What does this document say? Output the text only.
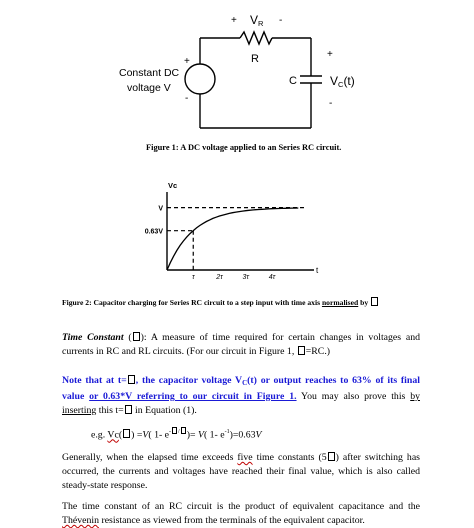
Constant DC
voltage V
+
-
+ VR -
R
C
+
-
VC(t)
Figure 1: A DC voltage applied to an Series RC circuit.
Vc
t
V
0.63V
τ	2τ	3τ	4τ
Figure 2: Capacitor charging for Series RC circuit to a step input with time axis normalised by
Time Constant ( ): A measure of time required for certain changes in voltages and currents in RC and RL circuits. (For our circuit in Figure 1, =RC.)
Note that at t= , the capacitor voltage $V_C(t)$ or output reaches to 63% of its final value or 0.63*V referring to our circuit in Figure 1. You may also prove this by inserting this t= in Equation (1).
e.g. Vc( ) =V( 1- e- / )= V( 1- $e^{-1})=0.63V$
Generally, when the elapsed time exceeds five time constants (5 ) after switching has occurred, the currents and voltages have reached their final value, which is also called steady-state response.
The time constant of an RC circuit is the product of equivalent capacitance and the Thévenin resistance as viewed from the terminals of the equivalent capacitor.
